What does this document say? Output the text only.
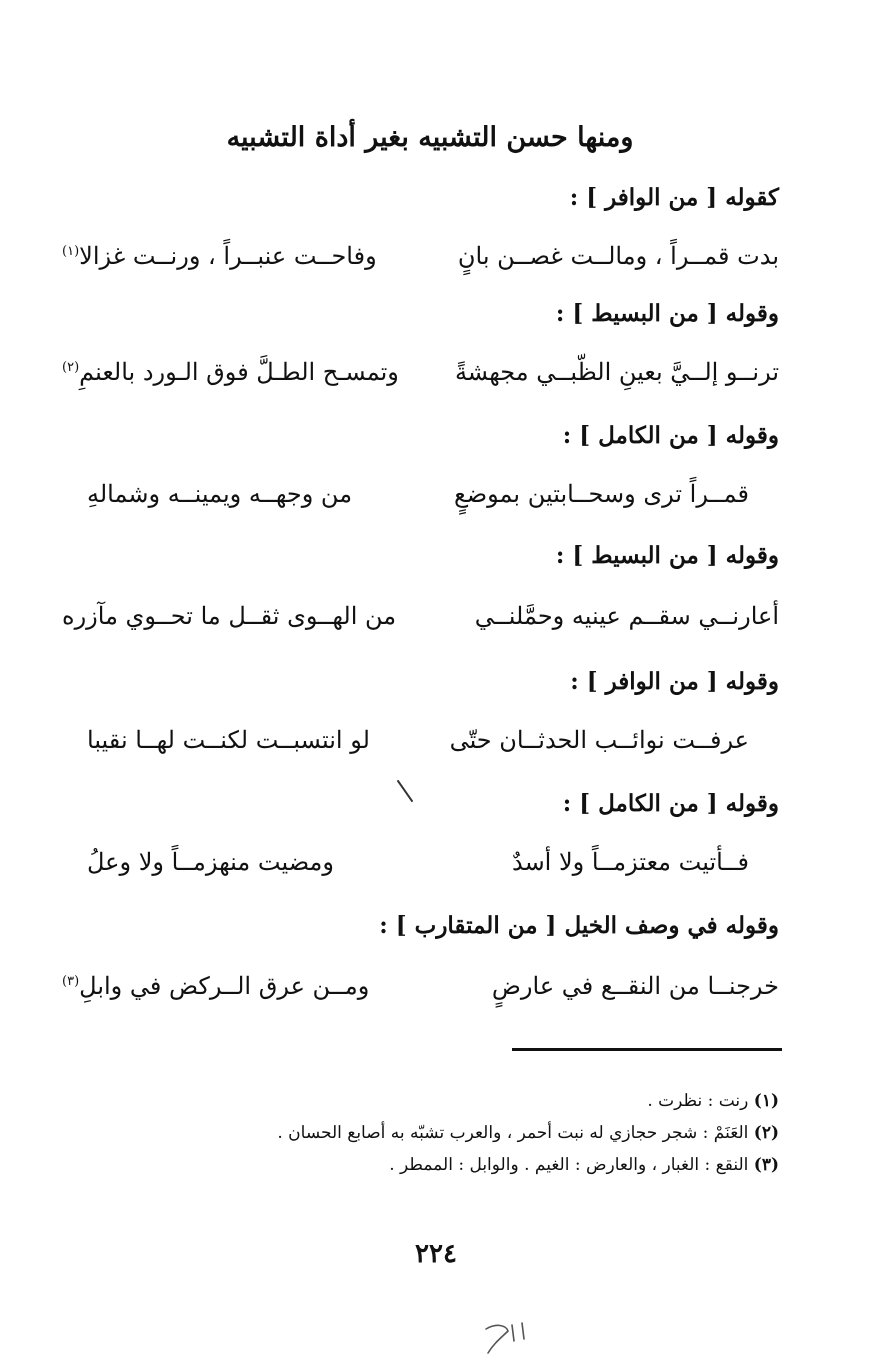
ومنها حسن التشبيه بغير أداة التشبيه
كقوله [ من الوافر ] :
بدت قمــراً ، ومالــت غصــن بانٍ
وفاحــت عنبــراً ، ورنــت غزالا$^{(١)}$
وقوله [ من البسيط ] :
ترنــو إلــيَّ بعينِ الظّبــي مجهشةً
وتمسـح الطـلَّ فوق الـورد بالعنمِ$^{(٢)}$
وقوله [ من الكامل ] :
قمــراً ترى وسحــابتين بموضعٍ
من وجهــه ويمينــه وشمالهِ
وقوله [ من البسيط ] :
أعارنــي سقــم عينيه وحمَّلنــي
من الهــوى ثقــل ما تحــوي مآزره
وقوله [ من الوافر ] :
عرفــت نوائــب الحدثــان حتّى
لو انتسبــت لكنــت لهــا نقيبا
وقوله [ من الكامل ] :
فــأتيت معتزمــاً ولا أسدٌ
ومضيت منهزمــاً ولا وعلُ
وقوله في وصف الخيل [ من المتقارب ] :
خرجنــا من النقــع في عارضٍ
ومــن عرق الــركض في وابلِ$^{(٣)}$
(١) رنت : نظرت .
(٢) العَنَمْ : شجر حجازي له نبت أحمر ، والعرب تشبّه به أصابع الحسان .
(٣) النقع : الغبار ، والعارض : الغيم . والوابل : الممطر .
٢٢٤
